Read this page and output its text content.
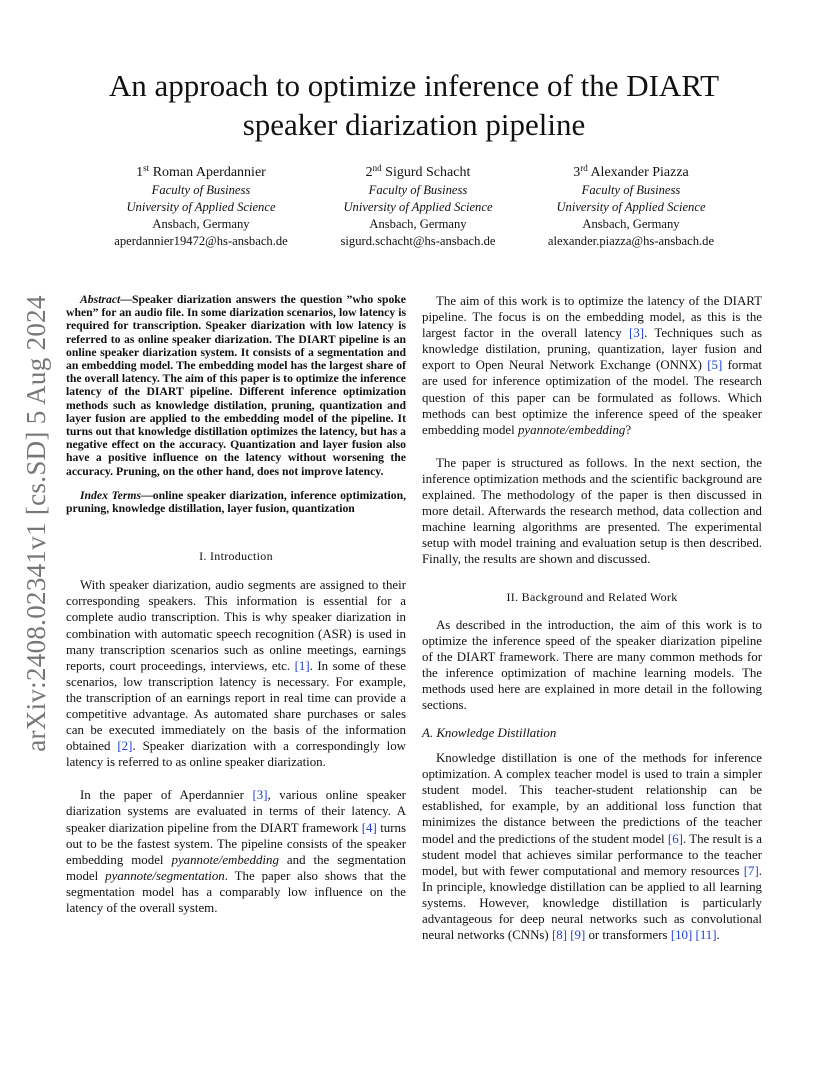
An approach to optimize inference of the DIART speaker diarization pipeline
1st Roman Aperdannier
Faculty of Business
University of Applied Science
Ansbach, Germany
aperdannier19472@hs-ansbach.de
2nd Sigurd Schacht
Faculty of Business
University of Applied Science
Ansbach, Germany
sigurd.schacht@hs-ansbach.de
3rd Alexander Piazza
Faculty of Business
University of Applied Science
Ansbach, Germany
alexander.piazza@hs-ansbach.de
arXiv:2408.02341v1 [cs.SD] 5 Aug 2024	Abstract—Speaker diarization answers the question ”who spoke when” for an audio file. In some diarization scenarios, low latency is required for transcription. Speaker diarization with low latency is referred to as online speaker diarization. The DIART pipeline is an online speaker diarization system. It consists of a segmentation and an embedding model. The embedding model has the largest share of the overall latency. The aim of this paper is to optimize the inference latency of the DIART pipeline. Different inference optimization methods such as knowledge distilation, pruning, quantization and layer fusion are applied to the embedding model of the pipeline. It turns out that knowledge distillation optimizes the latency, but has a negative effect on the accuracy. Quantization and layer fusion also have a positive influence on the latency without worsening the accuracy. Pruning, on the other hand, does not improve latency.

Index Terms—online speaker diarization, inference optimization, pruning, knowledge distillation, layer fusion, quantization

I. Introduction

With speaker diarization, audio segments are assigned to their corresponding speakers. This information is essential for a complete audio transcription. This is why speaker diarization in combination with automatic speech recognition (ASR) is used in many transcription scenarios such as online meetings, earnings reports, court proceedings, interviews, etc. [1]. In some of these scenarios, low transcription latency is necessary. For example, the transcription of an earnings report in real time can provide a competitive advantage. As automated share purchases or sales can be executed immediately on the basis of the information obtained [2]. Speaker diarization with a correspondingly low latency is referred to as online speaker diarization.

In the paper of Aperdannier [3], various online speaker diarization systems are evaluated in terms of their latency. A speaker diarization pipeline from the DIART framework [4] turns out to be the fastest system. The pipeline consists of the speaker embedding model pyannote/embedding and the segmentation model pyannote/segmentation. The paper also shows that the segmentation model has a comparably low influence on the latency of the overall system.

The aim of this work is to optimize the latency of the DIART pipeline. The focus is on the embedding model, as this is the largest factor in the overall latency [3]. Techniques such as knowledge distilation, pruning, quantization, layer fusion and export to Open Neural Network Exchange (ONNX) [5] format are used for inference optimization of the model. The research question of this paper can be formulated as follows. Which methods can best optimize the inference speed of the speaker embedding model pyannote/embedding?

The paper is structured as follows. In the next section, the inference optimization methods and the scientific background are explained. The methodology of the paper is then discussed in more detail. Afterwards the research method, data collection and machine learning algorithms are presented. The experimental setup with model training and evaluation setup is then described. Finally, the results are shown and discussed.

II. Background and Related Work

As described in the introduction, the aim of this work is to optimize the inference speed of the speaker diarization pipeline of the DIART framework. There are many common methods for the inference optimization of machine learning models. The methods used here are explained in more detail in the following sections.

A. Knowledge Distillation

Knowledge distillation is one of the methods for inference optimization. A complex teacher model is used to train a simpler student model. This teacher-student relationship can be established, for example, by an additional loss function that minimizes the distance between the predictions of the teacher model and the predictions of the student model [6]. The result is a student model that achieves similar performance to the teacher model, but with fewer computational and memory resources [7]. In principle, knowledge distillation can be applied to all learning systems. However, knowledge distillation is particularly advantageous for deep neural networks such as convolutional neural networks (CNNs) [8] [9] or transformers [10] [11].
